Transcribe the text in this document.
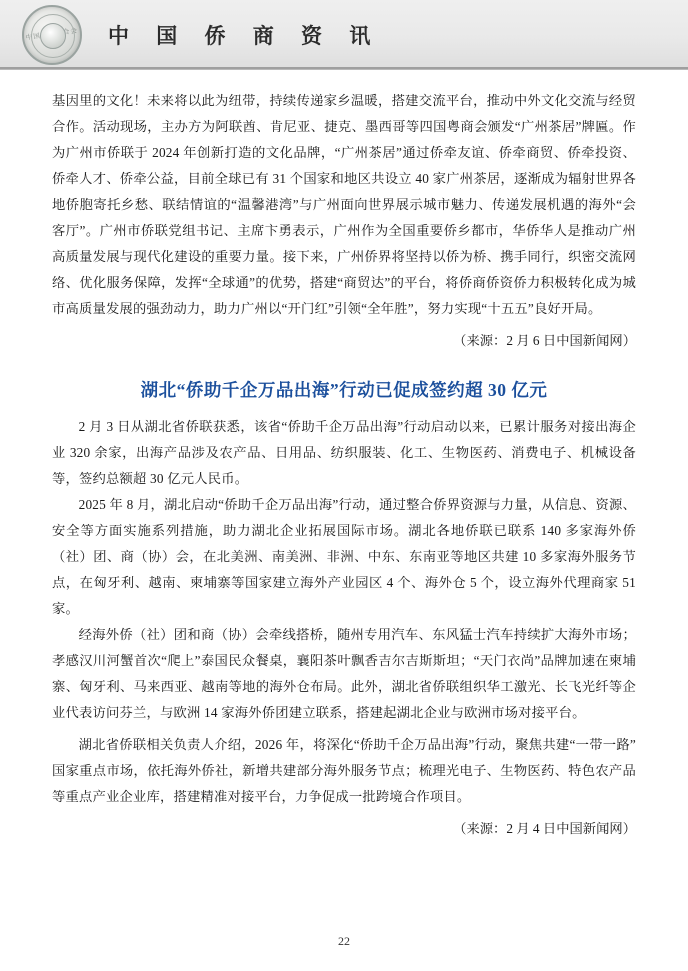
中国侨商联合会 中 国 侨 商 资 讯

基因里的文化！未来将以此为纽带，持续传递家乡温暖，搭建交流平台，推动中外文化交流与经贸合作。活动现场，主办方为阿联酋、肯尼亚、捷克、墨西哥等四国粤商会颁发“广州茶居”牌匾。作为广州市侨联于 2024 年创新打造的文化品牌，“广州茶居”通过侨牵友谊、侨牵商贸、侨牵投资、侨牵人才、侨牵公益，目前全球已有 31 个国家和地区共设立 40 家广州茶居，逐渐成为辐射世界各地侨胞寄托乡愁、联结情谊的“温馨港湾”与广州面向世界展示城市魅力、传递发展机遇的海外“会客厅”。广州市侨联党组书记、主席卞勇表示，广州作为全国重要侨乡都市，华侨华人是推动广州高质量发展与现代化建设的重要力量。接下来，广州侨界将坚持以侨为桥、携手同行，织密交流网络、优化服务保障，发挥“全球通”的优势，搭建“商贸达”的平台，将侨商侨资侨力积极转化成为城市高质量发展的强劲动力，助力广州以“开门红”引领“全年胜”，努力实现“十五五”良好开局。

（来源：2 月 6 日中国新闻网）
湖北“侨助千企万品出海”行动已促成签约超 30 亿元

2 月 3 日从湖北省侨联获悉，该省“侨助千企万品出海”行动启动以来，已累计服务对接出海企业 320 余家，出海产品涉及农产品、日用品、纺织服装、化工、生物医药、消费电子、机械设备等，签约总额超 30 亿元人民币。

2025 年 8 月，湖北启动“侨助千企万品出海”行动，通过整合侨界资源与力量，从信息、资源、安全等方面实施系列措施，助力湖北企业拓展国际市场。湖北各地侨联已联系 140 多家海外侨（社）团、商（协）会，在北美洲、南美洲、非洲、中东、东南亚等地区共建 10 多家海外服务节点，在匈牙利、越南、柬埔寨等国家建立海外产业园区 4 个、海外仓 5 个，设立海外代理商家 51 家。

经海外侨（社）团和商（协）会牵线搭桥，随州专用汽车、东风猛士汽车持续扩大海外市场；孝感汉川河蟹首次“爬上”泰国民众餐桌，襄阳茶叶飘香吉尔吉斯斯坦；“天门衣尚”品牌加速在柬埔寨、匈牙利、马来西亚、越南等地的海外仓布局。此外，湖北省侨联组织华工激光、长飞光纤等企业代表访问芬兰，与欧洲 14 家海外侨团建立联系，搭建起湖北企业与欧洲市场对接平台。

湖北省侨联相关负责人介绍，2026 年，将深化“侨助千企万品出海”行动，聚焦共建“一带一路”国家重点市场，依托海外侨社，新增共建部分海外服务节点；梳理光电子、生物医药、特色农产品等重点产业企业库，搭建精准对接平台，力争促成一批跨境合作项目。

（来源：2 月 4 日中国新闻网）
22
